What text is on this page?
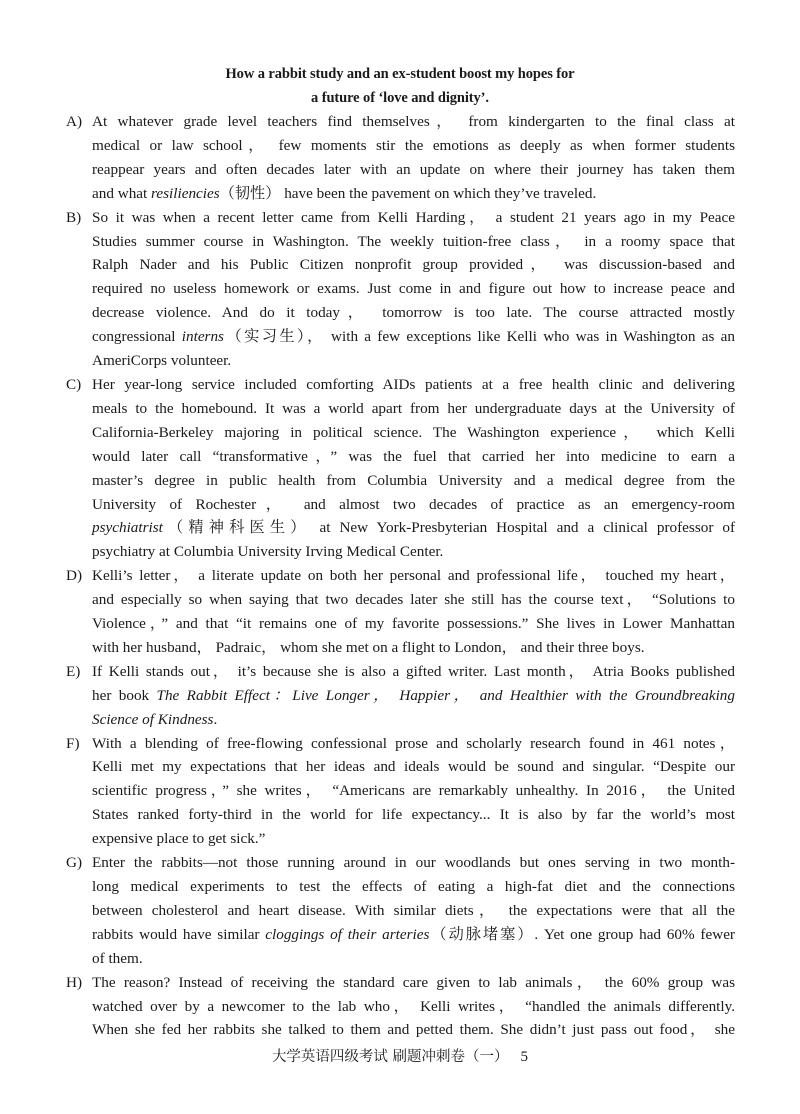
How a rabbit study and an ex-student boost my hopes for
a future of ‘love and dignity’.
A) At whatever grade level teachers find themselves， from kindergarten to the final class at
medical or law school， few moments stir the emotions as deeply as when former students
reappear years and often decades later with an update on where their journey has taken them
and what resiliencies（韧性） have been the pavement on which they’ve traveled.
B) So it was when a recent letter came from Kelli Harding， a student 21 years ago in my Peace
Studies summer course in Washington. The weekly tuition-free class， in a roomy space that
Ralph Nader and his Public Citizen nonprofit group provided， was discussion-based and
required no useless homework or exams. Just come in and figure out how to increase peace and
decrease violence. And do it today， tomorrow is too late. The course attracted mostly
congressional interns（实习生）， with a few exceptions like Kelli who was in Washington as an
AmeriCorps volunteer.
C) Her year-long service included comforting AIDs patients at a free health clinic and delivering
meals to the homebound. It was a world apart from her undergraduate days at the University of
California-Berkeley majoring in political science. The Washington experience， which Kelli
would later call “transformative，” was the fuel that carried her into medicine to earn a
master’s degree in public health from Columbia University and a medical degree from the
University of Rochester， and almost two decades of practice as an emergency-room
psychiatrist（精神科医生） at New York-Presbyterian Hospital and a clinical professor of
psychiatry at Columbia University Irving Medical Center.
D) Kelli’s letter， a literate update on both her personal and professional life， touched my heart，
and especially so when saying that two decades later she still has the course text， “Solutions to
Violence，” and that “it remains one of my favorite possessions.” She lives in Lower Manhattan
with her husband， Padraic， whom she met on a flight to London， and their three boys.
E) If Kelli stands out， it’s because she is also a gifted writer. Last month， Atria Books published
her book The Rabbit Effect：Live Longer， Happier， and Healthier with the Groundbreaking
Science of Kindness.
F) With a blending of free-flowing confessional prose and scholarly research found in 461 notes，
Kelli met my expectations that her ideas and ideals would be sound and singular. “Despite our
scientific progress，” she writes， “Americans are remarkably unhealthy. In 2016， the United
States ranked forty-third in the world for life expectancy... It is also by far the world’s most
expensive place to get sick.”
G) Enter the rabbits—not those running around in our woodlands but ones serving in two month-
long medical experiments to test the effects of eating a high-fat diet and the connections
between cholesterol and heart disease. With similar diets， the expectations were that all the
rabbits would have similar cloggings of their arteries（动脉堵塞）. Yet one group had 60% fewer
of them.
H) The reason? Instead of receiving the standard care given to lab animals， the 60% group was
watched over by a newcomer to the lab who， Kelli writes， “handled the animals differently.
When she fed her rabbits she talked to them and petted them. She didn’t just pass out food， she
大学英语四级考试 刷题冲刺卷（一） 5
